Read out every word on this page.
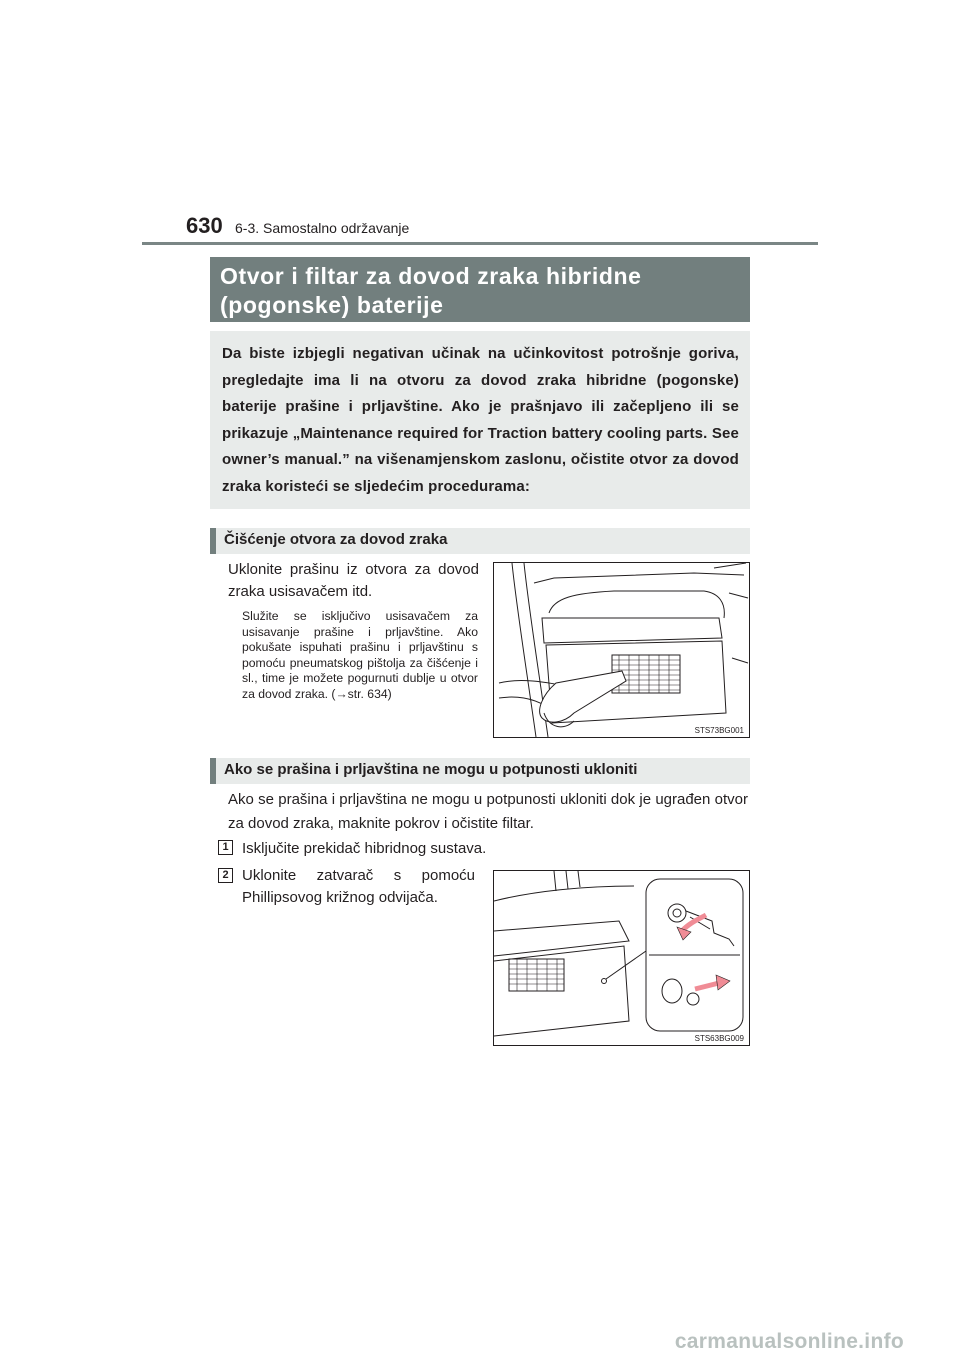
630 6-3. Samostalno održavanje
Otvor i filtar za dovod zraka hibridne (pogonske) baterije
Da biste izbjegli negativan učinak na učinkovitost potrošnje goriva, pregledajte ima li na otvoru za dovod zraka hibridne (pogonske) baterije prašine i prljavštine. Ako je prašnjavo ili začepljeno ili se prikazuje „Maintenance required for Traction battery cooling parts. See owner’s manual.” na višenamjenskom zaslonu, očistite otvor za dovod zraka koristeći se sljedećim procedurama:
Čišćenje otvora za dovod zraka
Uklonite prašinu iz otvora za dovod zraka usisavačem itd.
Služite se isključivo usisavačem za usisavanje prašine i prljavštine. Ako pokušate ispuhati prašinu i prljavštinu s pomoću pneumatskog pištolja za čišćenje i sl., time je možete pogurnuti dublje u otvor za dovod zraka. (→str. 634)
STS73BG001
Ako se prašina i prljavština ne mogu u potpunosti ukloniti
Ako se prašina i prljavština ne mogu u potpunosti ukloniti dok je ugrađen otvor za dovod zraka, maknite pokrov i očistite filtar.
1 Isključite prekidač hibridnog sustava.
2 Uklonite zatvarač s pomoću Phillipsovog križnog odvijača.
STS63BG009
carmanualsonline.info
